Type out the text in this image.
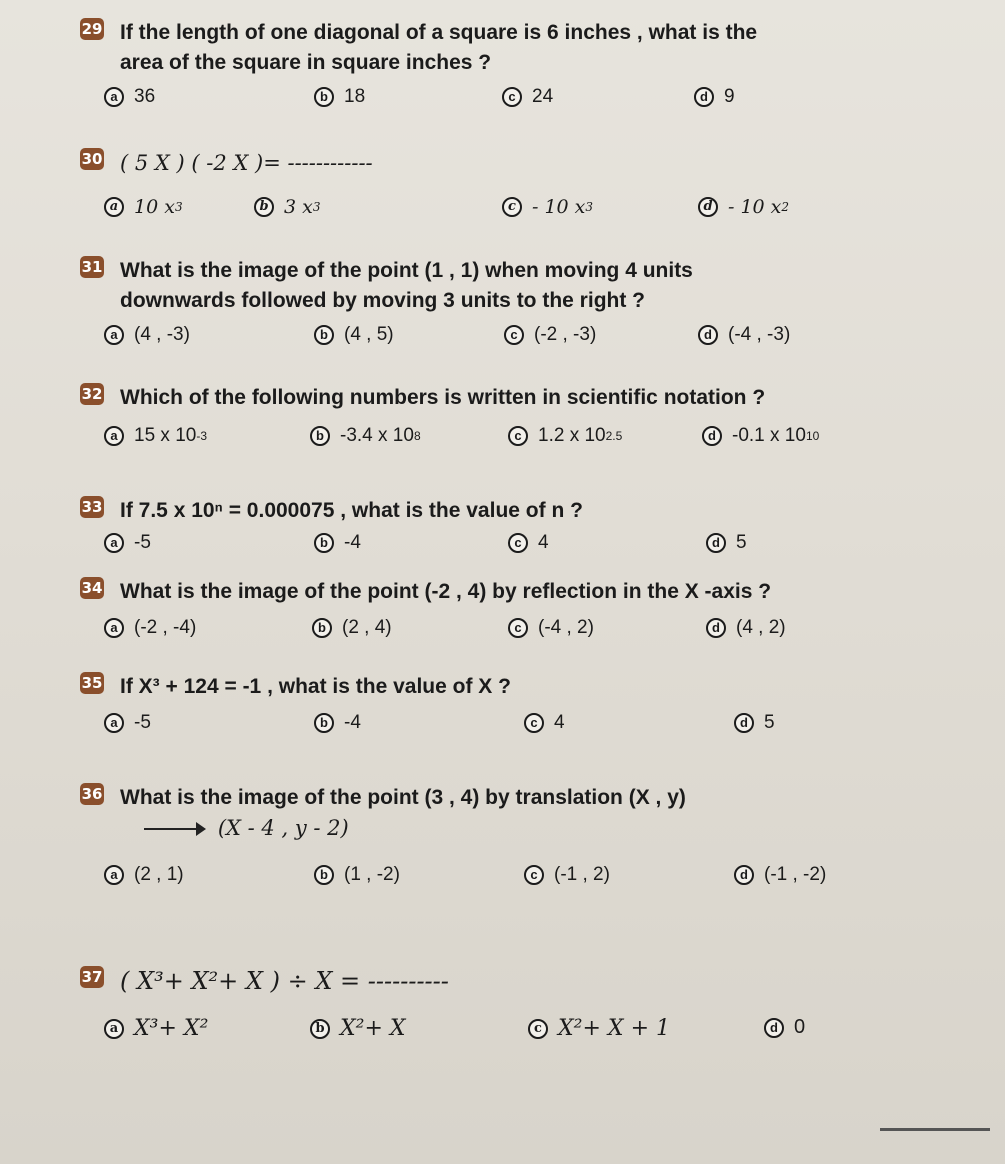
29 If the length of one diagonal of a square is 6 inches , what is the
area of the square in square inches ?
a 36	b 18	c 24	d 9
30 ( 5 X ) ( -2 X )= ------------
a 10 x 3	b 3 x 3	c - 10 x 3	d - 10 x 2
31 What is the image of the point (1 , 1) when moving 4 units
downwards followed by moving 3 units to the right ?
a (4 , -3)	b (4 , 5)	c (-2 , -3)	d (-4 , -3)
32 Which of the following numbers is written in scientific notation ?
a 15 x 10 -3	b -3.4 x 10 8	c 1.2 x 10 2.5	d -0.1 x 10 10
33 If 7.5 x 10ⁿ = 0.000075 , what is the value of n ?
a -5	b -4	c 4	d 5
34 What is the image of the point (-2 , 4) by reflection in the X -axis ?
a (-2 , -4)	b (2 , 4)	c (-4 , 2)	d (4 , 2)
35 If X³ + 124 = -1 , what is the value of X ?
a -5	b -4	c 4	d 5
36 What is the image of the point (3 , 4) by translation (X , y)
(X - 4 , y - 2)
a (2 , 1)	b (1 , -2)	c (-1 , 2)	d (-1 , -2)
37 ( X³+ X²+ X ) ÷ X = ----------
a X³+ X²	b X²+ X	c X²+ X + 1	d 0
